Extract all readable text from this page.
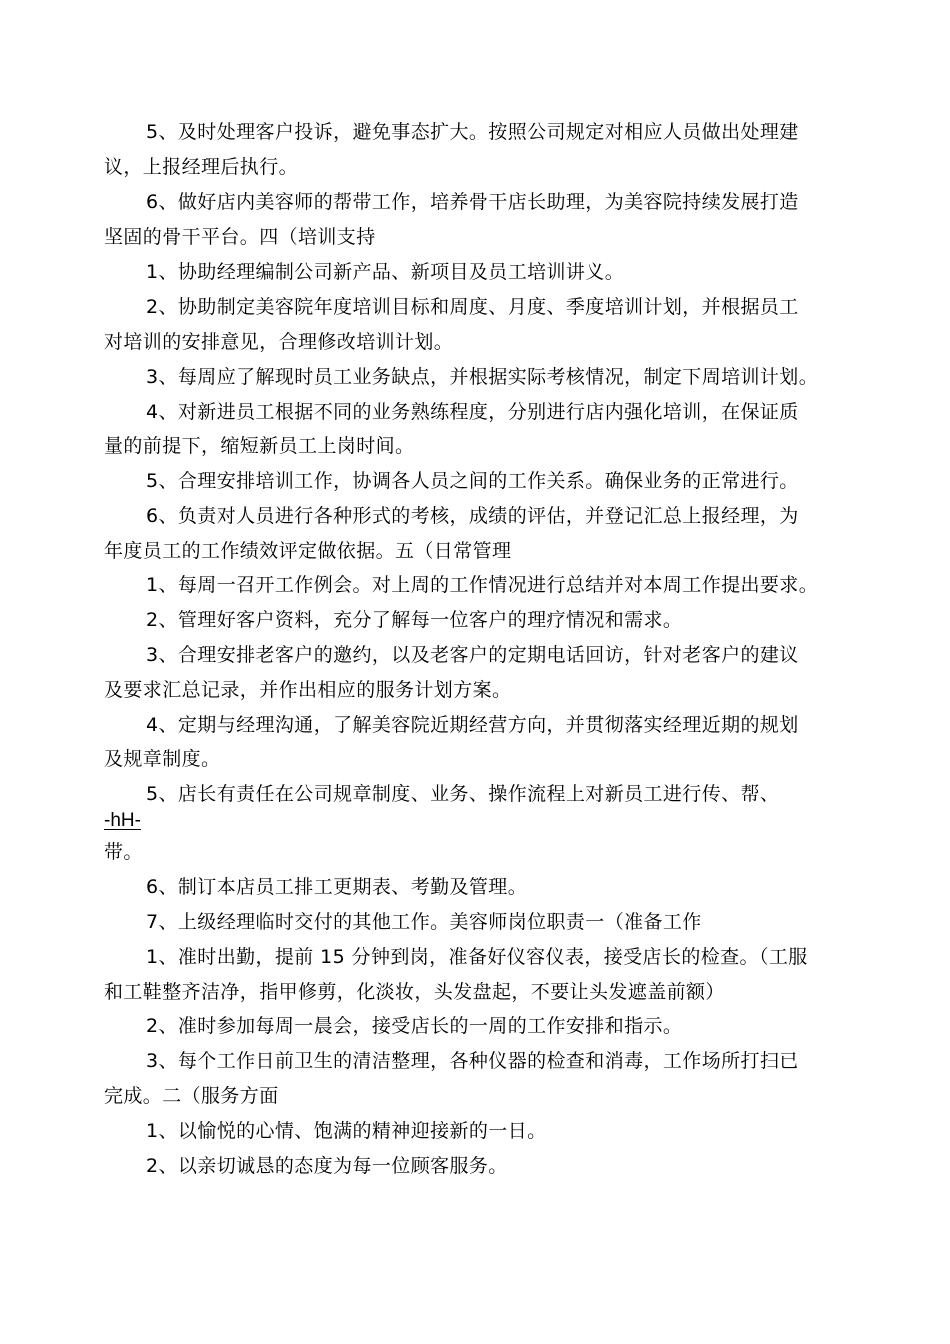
5、及时处理客户投诉，避免事态扩大。按照公司规定对相应人员做出处理建

议，上报经理后执行。

6、做好店内美容师的帮带工作，培养骨干店长助理，为美容院持续发展打造

坚固的骨干平台。四（培训支持

1、协助经理编制公司新产品、新项目及员工培训讲义。

2、协助制定美容院年度培训目标和周度、月度、季度培训计划，并根据员工

对培训的安排意见，合理修改培训计划。

3、每周应了解现时员工业务缺点，并根据实际考核情况，制定下周培训计划。

4、对新进员工根据不同的业务熟练程度，分别进行店内强化培训，在保证质

量的前提下，缩短新员工上岗时间。

5、合理安排培训工作，协调各人员之间的工作关系。确保业务的正常进行。

6、负责对人员进行各种形式的考核，成绩的评估，并登记汇总上报经理，为

年度员工的工作绩效评定做依据。五（日常管理

1、每周一召开工作例会。对上周的工作情况进行总结并对本周工作提出要求。

2、管理好客户资料，充分了解每一位客户的理疗情况和需求。

3、合理安排老客户的邀约，以及老客户的定期电话回访，针对老客户的建议

及要求汇总记录，并作出相应的服务计划方案。

4、定期与经理沟通，了解美容院近期经营方向，并贯彻落实经理近期的规划

及规章制度。

5、店长有责任在公司规章制度、业务、操作流程上对新员工进行传、帮、

-hH-

带。

6、制订本店员工排工更期表、考勤及管理。

7、上级经理临时交付的其他工作。美容师岗位职责一（准备工作

1、准时出勤，提前 15 分钟到岗，准备好仪容仪表，接受店长的检查。（工服

和工鞋整齐洁净，指甲修剪，化淡妆，头发盘起，不要让头发遮盖前额）

2、准时参加每周一晨会，接受店长的一周的工作安排和指示。

3、每个工作日前卫生的清洁整理，各种仪器的检查和消毒，工作场所打扫已

完成。二（服务方面

1、以愉悦的心情、饱满的精神迎接新的一日。

2、以亲切诚恳的态度为每一位顾客服务。
